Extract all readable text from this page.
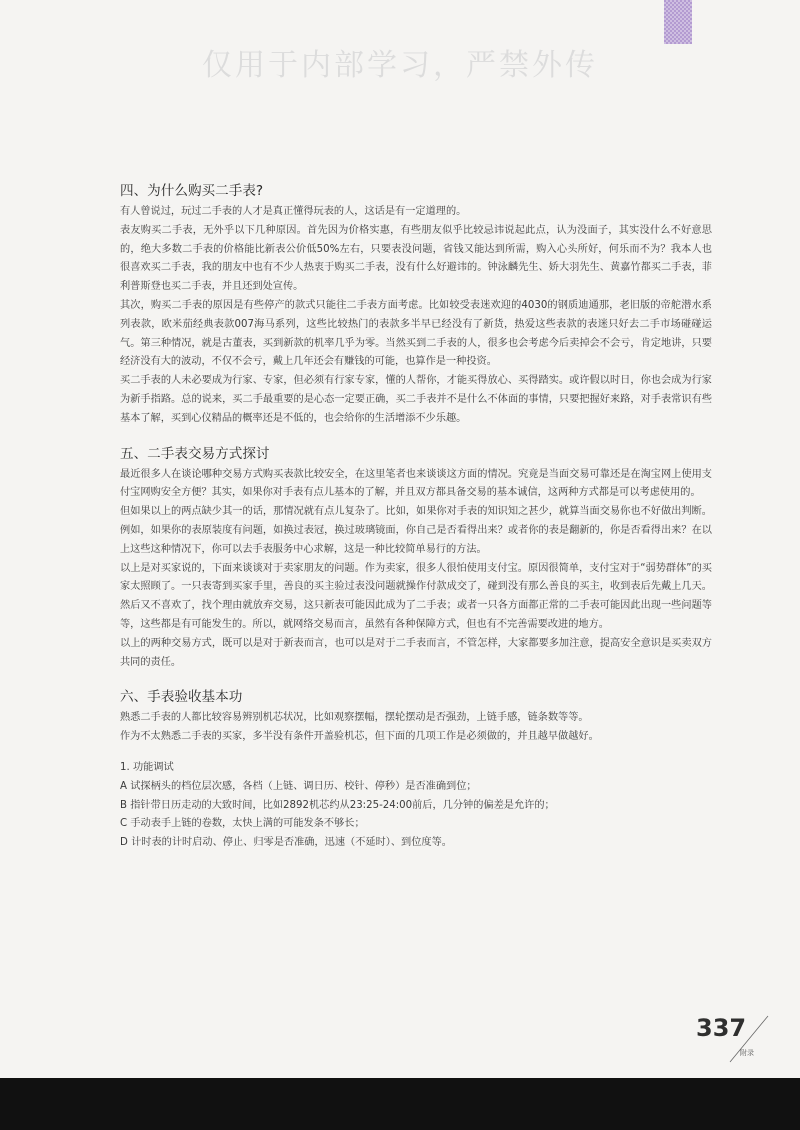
仅用于内部学习，严禁外传
四、为什么购买二手表?

有人曾说过，玩过二手表的人才是真正懂得玩表的人，这话是有一定道理的。

表友购买二手表，无外乎以下几种原因。首先因为价格实惠，有些朋友似乎比较忌讳说起此点，认为没面子，其实没什么不好意思的，绝大多数二手表的价格能比新表公价低50%左右，只要表没问题，省钱又能达到所需，购入心头所好，何乐而不为？我本人也很喜欢买二手表，我的朋友中也有不少人热衷于购买二手表，没有什么好避讳的。钟泳麟先生、娇大羽先生、黄嘉竹都买二手表，菲利普斯登也买二手表，并且还到处宣传。

其次，购买二手表的原因是有些停产的款式只能往二手表方面考虑。比如较受表迷欢迎的4030的钢质迪通那，老旧版的帝舵潜水系列表款，欧米茄经典表款007海马系列，这些比较热门的表款多半早已经没有了新货，热爱这些表款的表迷只好去二手市场碰碰运气。第三种情况，就是古董表，买到新款的机率几乎为零。当然买到二手表的人，很多也会考虑今后卖掉会不会亏，肯定地讲，只要经济没有大的波动，不仅不会亏，戴上几年还会有赚钱的可能，也算作是一种投资。

买二手表的人未必要成为行家、专家，但必须有行家专家，懂的人帮你，才能买得放心、买得踏实。或许假以时日，你也会成为行家为新手指路。总的说来，买二手最重要的是心态一定要正确，买二手表并不是什么不体面的事情，只要把握好来路，对手表常识有些基本了解，买到心仪精品的概率还是不低的，也会给你的生活增添不少乐趣。

五、二手表交易方式探讨

最近很多人在谈论哪种交易方式购买表款比较安全，在这里笔者也来谈谈这方面的情况。究竟是当面交易可靠还是在淘宝网上使用支付宝网购安全方便？其实，如果你对手表有点儿基本的了解，并且双方都具备交易的基本诚信，这两种方式都是可以考虑使用的。

但如果以上的两点缺少其一的话，那情况就有点儿复杂了。比如，如果你对手表的知识知之甚少，就算当面交易你也不好做出判断。例如，如果你的表原装度有问题，如换过表冠，换过玻璃镜面，你自己是否看得出来？或者你的表是翻新的，你是否看得出来？在以上这些这种情况下，你可以去手表服务中心求解，这是一种比较简单易行的方法。

以上是对买家说的，下面来谈谈对于卖家朋友的问题。作为卖家，很多人很怕使用支付宝。原因很简单，支付宝对于“弱势群体”的买家太照顾了。一只表寄到买家手里，善良的买主验过表没问题就操作付款成交了，碰到没有那么善良的买主，收到表后先戴上几天。然后又不喜欢了，找个理由就放弃交易，这只新表可能因此成为了二手表；或者一只各方面都正常的二手表可能因此出现一些问题等等，这些都是有可能发生的。所以，就网络交易而言，虽然有各种保障方式，但也有不完善需要改进的地方。

以上的两种交易方式，既可以是对于新表而言，也可以是对于二手表而言，不管怎样，大家都要多加注意，提高安全意识是买卖双方共同的责任。

六、手表验收基本功

熟悉二手表的人都比较容易辨别机芯状况，比如观察摆幅，摆轮摆动是否强劲，上链手感，链条数等等。

作为不太熟悉二手表的买家，多半没有条件开盖验机芯，但下面的几项工作是必须做的，并且越早做越好。

1. 功能调试

A 试探柄头的档位层次感，各档（上链、调日历、校针、停秒）是否准确到位；

B 指针带日历走动的大致时间，比如2892机芯约从23:25-24:00前后，几分钟的偏差是允许的；

C 手动表手上链的卷数，太快上满的可能发条不够长；

D 计时表的计时启动、停止、归零是否准确，迅速（不延时）、到位度等。

337
附录
